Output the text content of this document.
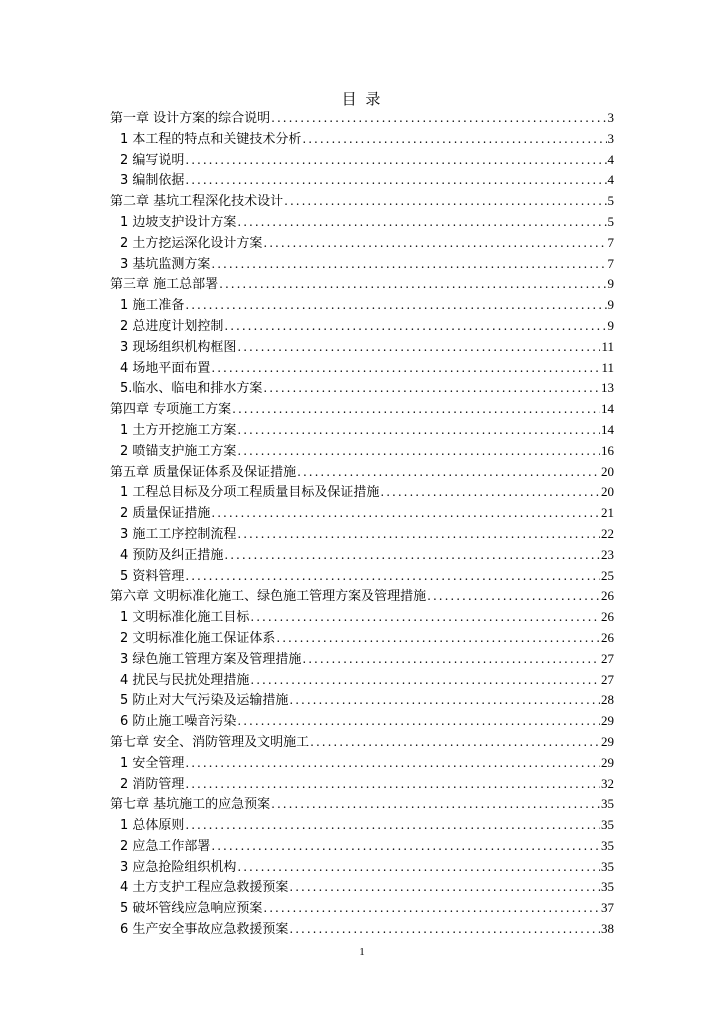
目 录
第一章 设计方案的综合说明 .....	3
1 本工程的特点和关键技术分析 .....	3
2 编写说明 .....	4
3 编制依据 .....	4
第二章 基坑工程深化技术设计 .....	5
1 边坡支护设计方案 .....	5
2 土方挖运深化设计方案 .....	7
3 基坑监测方案 .....	7
第三章 施工总部署 .....	9
1 施工准备 .....	9
2 总进度计划控制 .....	9
3 现场组织机构框图 .....	11
4 场地平面布置 .....	11
5.临水、临电和排水方案 .....	13
第四章 专项施工方案 .....	14
1 土方开挖施工方案 .....	14
2 喷锚支护施工方案 .....	16
第五章 质量保证体系及保证措施 .....	20
1 工程总目标及分项工程质量目标及保证措施 .....	20
2 质量保证措施 .....	21
3 施工工序控制流程 .....	22
4 预防及纠正措施 .....	23
5 资料管理 .....	25
第六章 文明标准化施工、绿色施工管理方案及管理措施 .....	26
1 文明标准化施工目标 .....	26
2 文明标准化施工保证体系 .....	26
3 绿色施工管理方案及管理措施 .....	27
4 扰民与民扰处理措施 .....	27
5 防止对大气污染及运输措施 .....	28
6 防止施工噪音污染 .....	29
第七章 安全、消防管理及文明施工 .....	29
1 安全管理 .....	29
2 消防管理 .....	32
第七章 基坑施工的应急预案 .....	35
1 总体原则 .....	35
2 应急工作部署 .....	35
3 应急抢险组织机构 .....	35
4 土方支护工程应急救援预案 .....	35
5 破坏管线应急响应预案 .....	37
6 生产安全事故应急救援预案 .....	38
1
